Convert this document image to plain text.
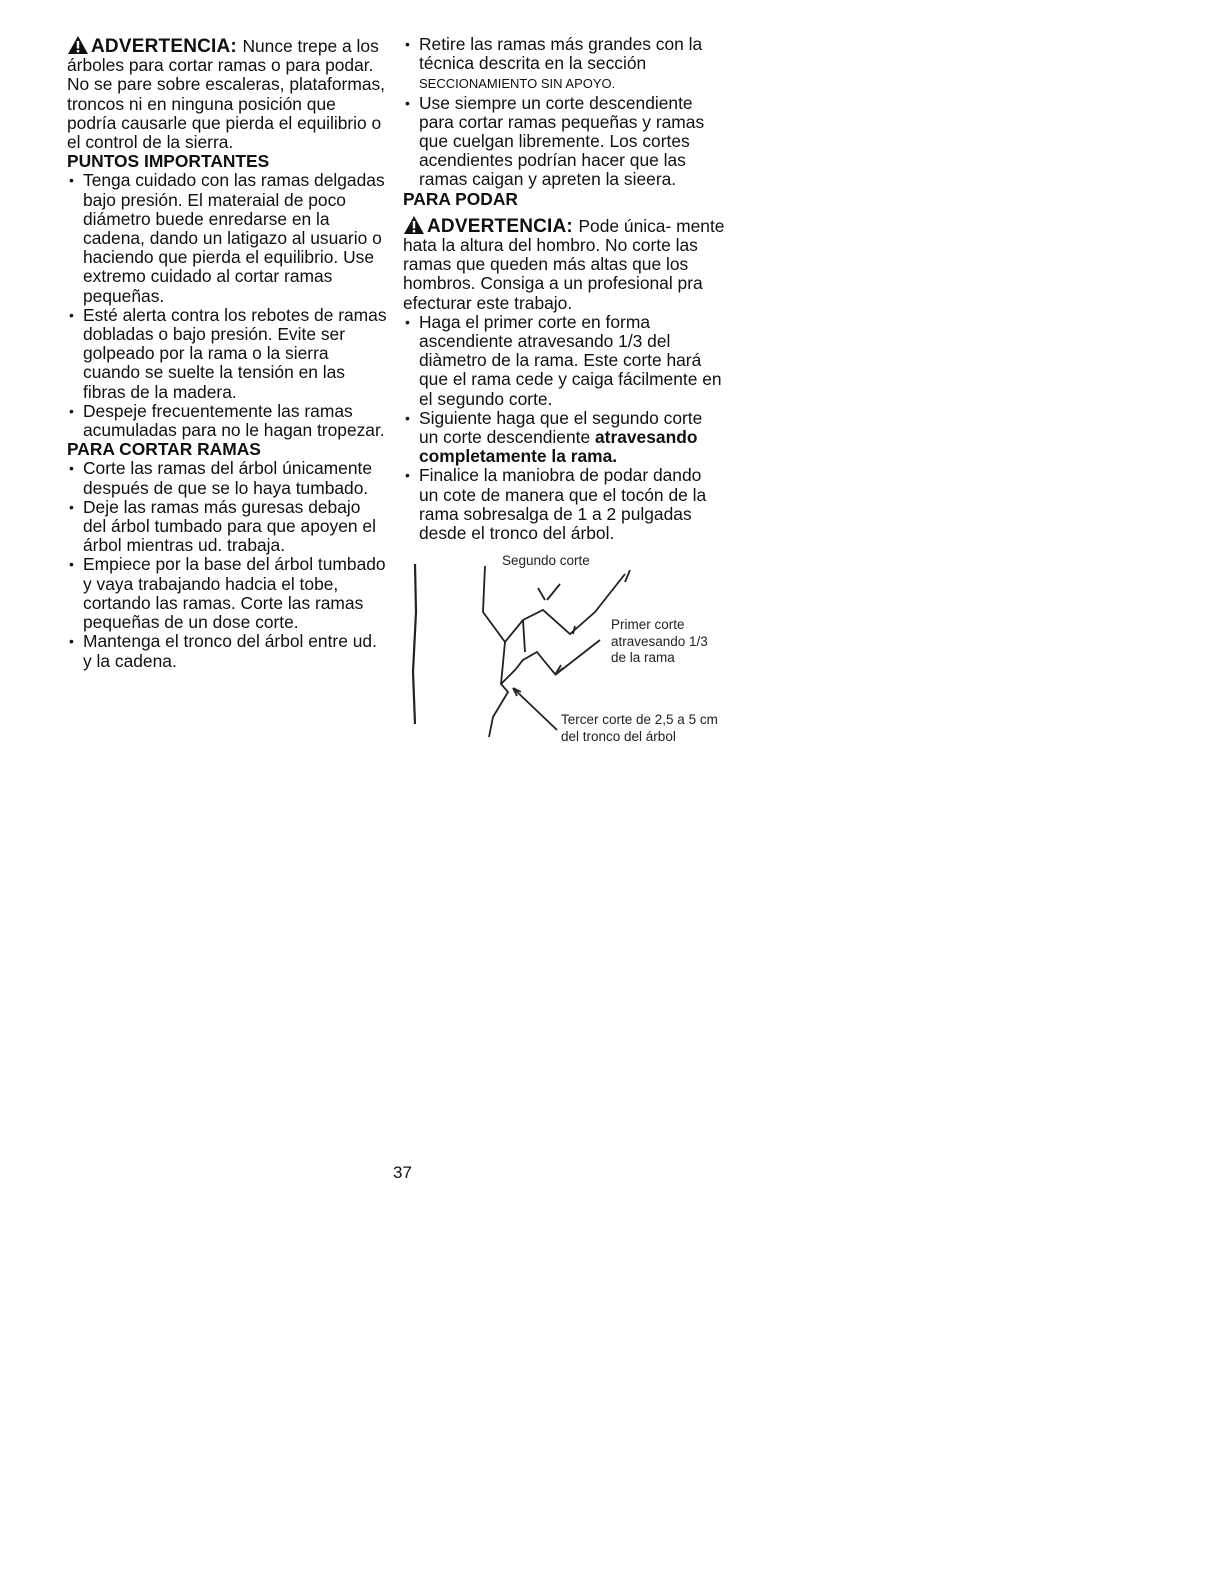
ADVERTENCIA: Nunce trepe a los árboles para cortar ramas o para podar. No se pare sobre escaleras, plataformas, troncos ni en ninguna posición que podría causarle que pierda el equilibrio o el control de la sierra.

PUNTOS IMPORTANTES
• Tenga cuidado con las ramas delgadas bajo presión. El materaial de poco diámetro buede enredarse en la cadena, dando un latigazo al usuario o haciendo que pierda el equilibrio. Use extremo cuidado al cortar ramas pequeñas.
• Esté alerta contra los rebotes de ramas dobladas o bajo presión. Evite ser golpeado por la rama o la sierra cuando se suelte la tensión en las fibras de la madera.
• Despeje frecuentemente las ramas acumuladas para no le hagan tropezar.
PARA CORTAR RAMAS
• Corte las ramas del árbol únicamente después de que se lo haya tumbado.
• Deje las ramas más guresas debajo del árbol tumbado para que apoyen el árbol mientras ud. trabaja.
• Empiece por la base del árbol tumbado y vaya trabajando hadcia el tobe, cortando las ramas. Corte las ramas pequeñas de un dose corte.
• Mantenga el tronco del árbol entre ud. y la cadena.
• Retire las ramas más grandes con la técnica descrita en la sección SECCIONAMIENTO SIN APOYO.
• Use siempre un corte descendiente para cortar ramas pequeñas y ramas que cuelgan libremente. Los cortes acendientes podrían hacer que las ramas caigan y apreten la sieera.
PARA PODAR

ADVERTENCIA: Pode única- mente hata la altura del hombro. No corte las ramas que queden más altas que los hombros. Consiga a un profesional pra efecturar este trabajo.

• Haga el primer corte en forma ascendiente atravesando 1/3 del diàmetro de la rama. Este corte hará que el rama cede y caiga fácilmente en el segundo corte.
• Siguiente haga que el segundo corte un corte descendiente atravesando completamente la rama.
• Finalice la maniobra de podar dando un cote de manera que el tocón de la rama sobresalga de 1 a 2 pulgadas desde el tronco del árbol.
Segundo corte
Primer corte atravesando 1/3 de la rama
Tercer corte de 2,5 a 5 cm del tronco del árbol
37
